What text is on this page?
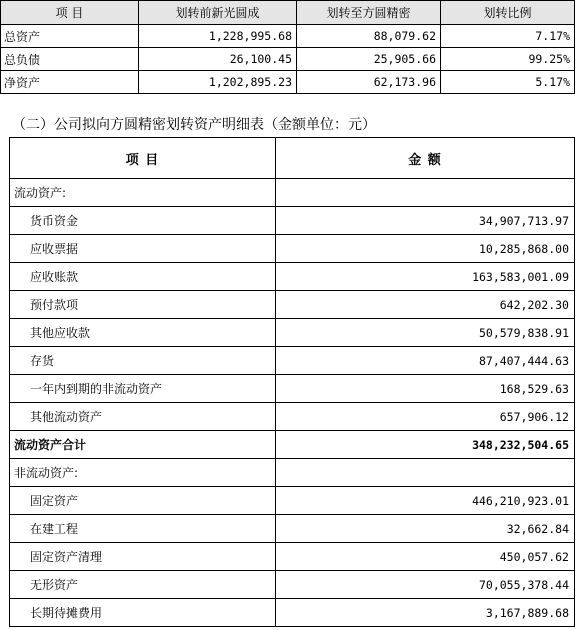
项 目	划转前新光圆成	划转至方圆精密	划转比例
总资产	1,228,995.68	88,079.62	7.17%
总负债	26,100.45	25,905.66	99.25%
净资产	1,202,895.23	62,173.96	5.17%
（二）公司拟向方圆精密划转资产明细表（金额单位：元）
项 目	金 额
流动资产:	
货币资金	34,907,713.97
应收票据	10,285,868.00
应收账款	163,583,001.09
预付款项	642,202.30
其他应收款	50,579,838.91
存货	87,407,444.63
一年内到期的非流动资产	168,529.63
其他流动资产	657,906.12
流动资产合计	348,232,504.65
非流动资产:	
固定资产	446,210,923.01
在建工程	32,662.84
固定资产清理	450,057.62
无形资产	70,055,378.44
长期待摊费用	3,167,889.68
